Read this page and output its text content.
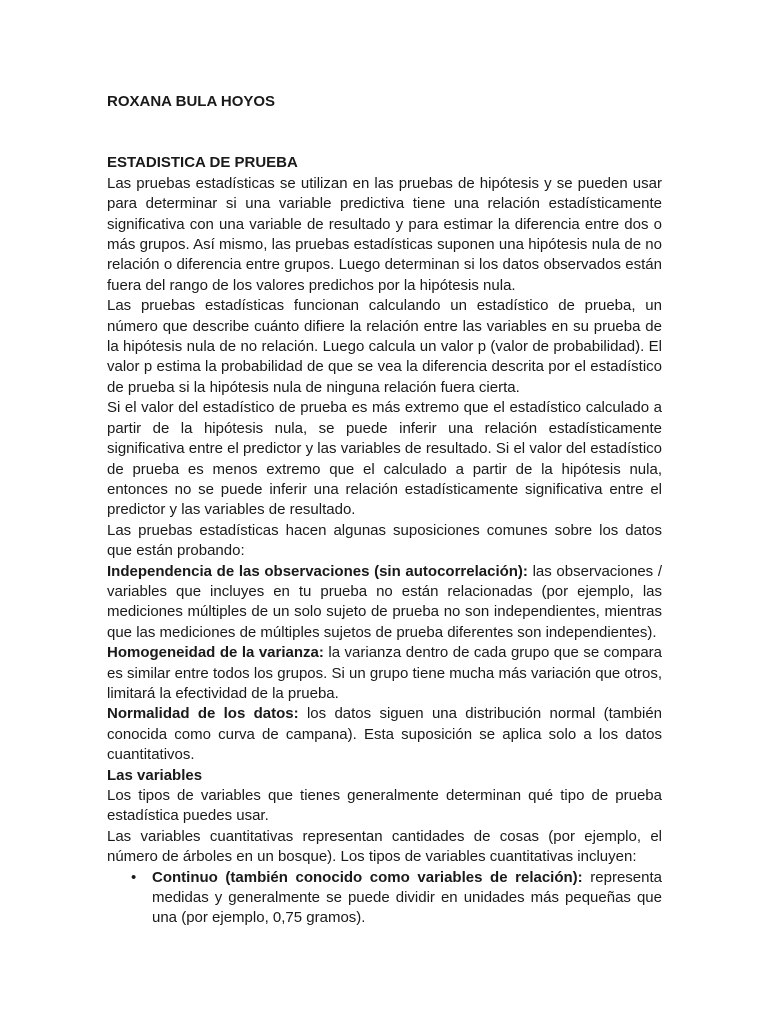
ROXANA BULA HOYOS

ESTADISTICA DE PRUEBA

Las pruebas estadísticas se utilizan en las pruebas de hipótesis y se pueden usar para determinar si una variable predictiva tiene una relación estadísticamente significativa con una variable de resultado y para estimar la diferencia entre dos o más grupos. Así mismo, las pruebas estadísticas suponen una hipótesis nula de no relación o diferencia entre grupos. Luego determinan si los datos observados están fuera del rango de los valores predichos por la hipótesis nula.

Las pruebas estadísticas funcionan calculando un estadístico de prueba, un número que describe cuánto difiere la relación entre las variables en su prueba de la hipótesis nula de no relación. Luego calcula un valor p (valor de probabilidad). El valor p estima la probabilidad de que se vea la diferencia descrita por el estadístico de prueba si la hipótesis nula de ninguna relación fuera cierta.

Si el valor del estadístico de prueba es más extremo que el estadístico calculado a partir de la hipótesis nula, se puede inferir una relación estadísticamente significativa entre el predictor y las variables de resultado. Si el valor del estadístico de prueba es menos extremo que el calculado a partir de la hipótesis nula, entonces no se puede inferir una relación estadísticamente significativa entre el predictor y las variables de resultado.

Las pruebas estadísticas hacen algunas suposiciones comunes sobre los datos que están probando:

Independencia de las observaciones (sin autocorrelación): las observaciones / variables que incluyes en tu prueba no están relacionadas (por ejemplo, las mediciones múltiples de un solo sujeto de prueba no son independientes, mientras que las mediciones de múltiples sujetos de prueba diferentes son independientes).

Homogeneidad de la varianza: la varianza dentro de cada grupo que se compara es similar entre todos los grupos. Si un grupo tiene mucha más variación que otros, limitará la efectividad de la prueba.

Normalidad de los datos: los datos siguen una distribución normal (también conocida como curva de campana). Esta suposición se aplica solo a los datos cuantitativos.

Las variables

Los tipos de variables que tienes generalmente determinan qué tipo de prueba estadística puedes usar.

Las variables cuantitativas representan cantidades de cosas (por ejemplo, el número de árboles en un bosque). Los tipos de variables cuantitativas incluyen:

• Continuo (también conocido como variables de relación): representa medidas y generalmente se puede dividir en unidades más pequeñas que una (por ejemplo, 0,75 gramos).
